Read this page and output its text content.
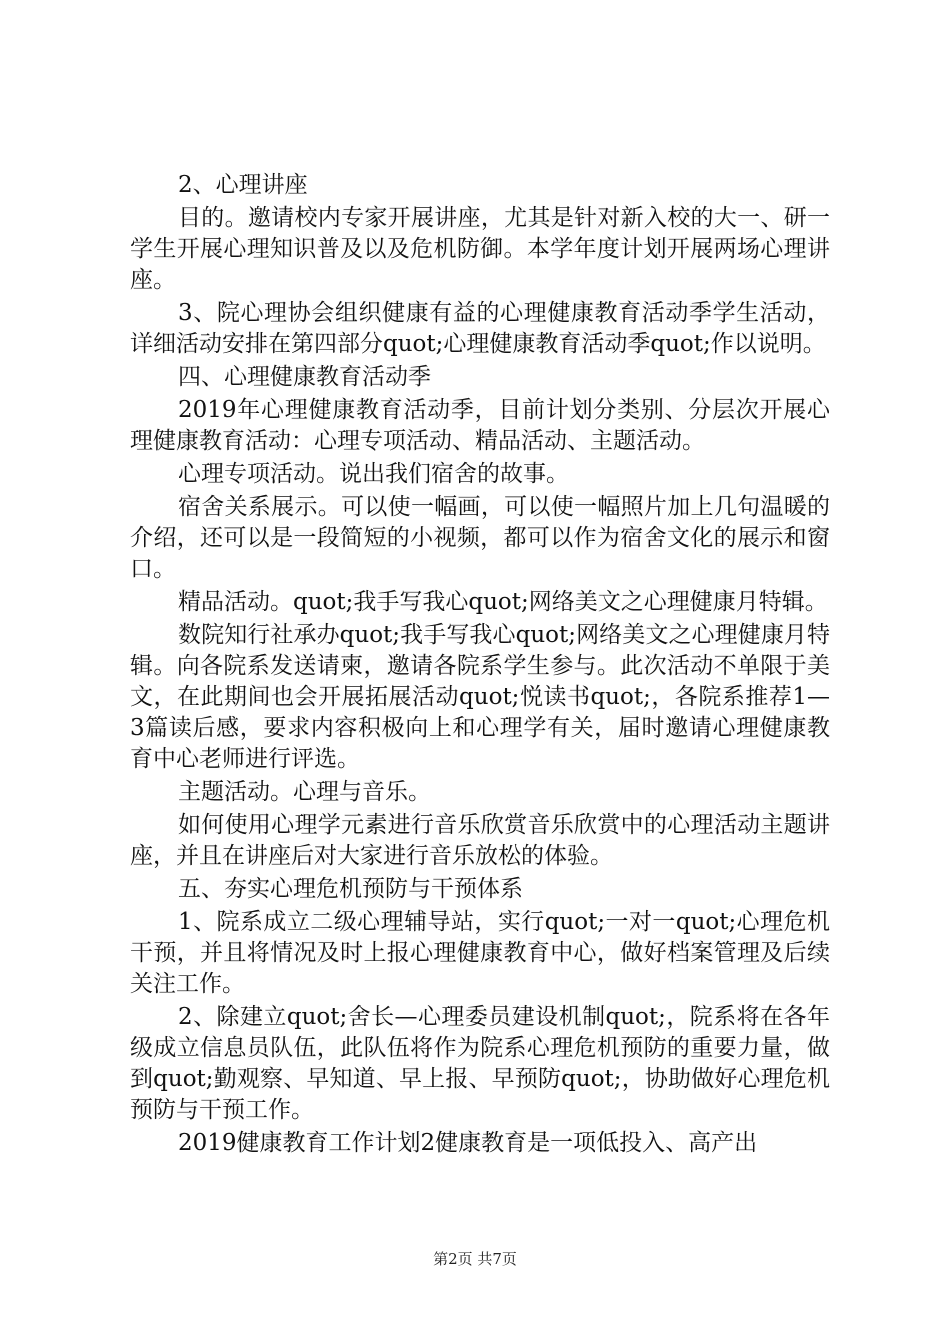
2、心理讲座

目的。邀请校内专家开展讲座，尤其是针对新入校的大一、研一学生开展心理知识普及以及危机防御。本学年度计划开展两场心理讲座。

3、院心理协会组织健康有益的心理健康教育活动季学生活动，详细活动安排在第四部分quot;心理健康教育活动季quot;作以说明。

四、心理健康教育活动季

2019年心理健康教育活动季，目前计划分类别、分层次开展心理健康教育活动：心理专项活动、精品活动、主题活动。

心理专项活动。说出我们宿舍的故事。

宿舍关系展示。可以使一幅画，可以使一幅照片加上几句温暖的介绍，还可以是一段简短的小视频，都可以作为宿舍文化的展示和窗口。

精品活动。quot;我手写我心quot;网络美文之心理健康月特辑。

数院知行社承办quot;我手写我心quot;网络美文之心理健康月特辑。向各院系发送请柬，邀请各院系学生参与。此次活动不单限于美文，在此期间也会开展拓展活动quot;悦读书quot;，各院系推荐1—3篇读后感，要求内容积极向上和心理学有关，届时邀请心理健康教育中心老师进行评选。

主题活动。心理与音乐。

如何使用心理学元素进行音乐欣赏音乐欣赏中的心理活动主题讲座，并且在讲座后对大家进行音乐放松的体验。

五、夯实心理危机预防与干预体系

1、院系成立二级心理辅导站，实行quot;一对一quot;心理危机干预，并且将情况及时上报心理健康教育中心，做好档案管理及后续关注工作。

2、除建立quot;舍长—心理委员建设机制quot;，院系将在各年级成立信息员队伍，此队伍将作为院系心理危机预防的重要力量，做到quot;勤观察、早知道、早上报、早预防quot;，协助做好心理危机预防与干预工作。

2019健康教育工作计划2健康教育是一项低投入、高产出

第2页 共7页
